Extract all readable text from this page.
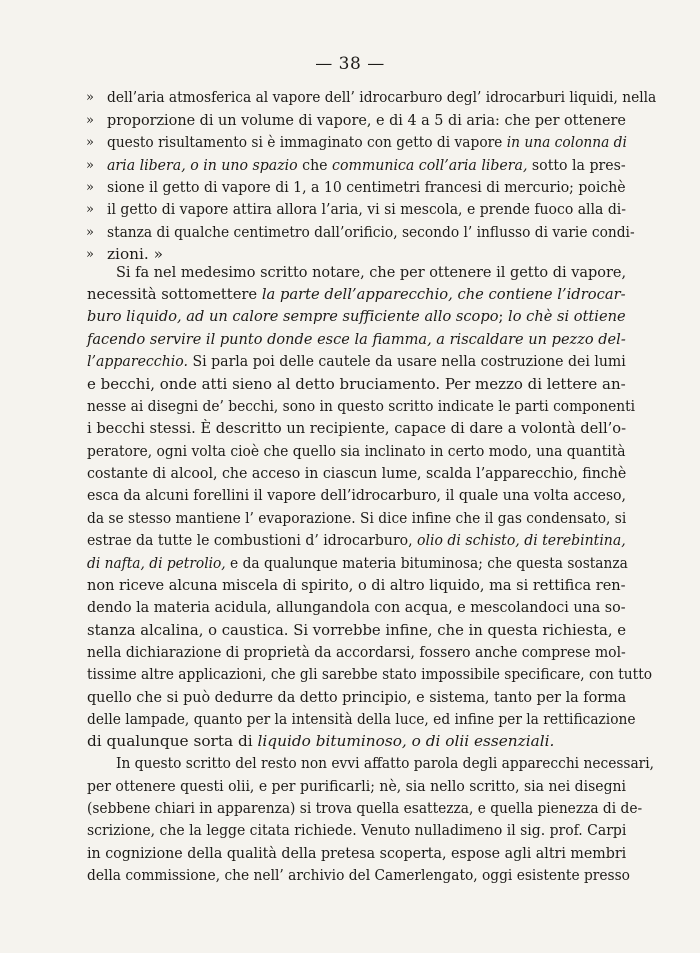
— 38 —
» dell’aria atmosferica al vapore dell’ idrocarburo degl’ idrocarburi liquidi, nella
» proporzione di un volume di vapore, e di 4 a 5 di aria: che per ottenere
» questo risultamento si è immaginato con getto di vapore in una colonna di
» aria libera, o in uno spazio che communica coll’aria libera, sotto la pres-
» sione il getto di vapore di 1, a 10 centimetri francesi di mercurio; poichè
» il getto di vapore attira allora l’aria, vi si mescola, e prende fuoco alla di-
» stanza di qualche centimetro dall’orificio, secondo l’ influsso di varie condi-
» zioni. »
Si fa nel medesimo scritto notare, che per ottenere il getto di vapore,
necessità sottomettere la parte dell’apparecchio, che contiene l’idrocar-
buro liquido, ad un calore sempre sufficiente allo scopo; lo chè si ottiene
facendo servire il punto donde esce la fiamma, a riscaldare un pezzo del-
l’apparecchio. Si parla poi delle cautele da usare nella costruzione dei lumi
e becchi, onde atti sieno al detto bruciamento. Per mezzo di lettere an-
nesse ai disegni de’ becchi, sono in questo scritto indicate le parti componenti
i becchi stessi. È descritto un recipiente, capace di dare a volontà dell’o-
peratore, ogni volta cioè che quello sia inclinato in certo modo, una quantità
costante di alcool, che acceso in ciascun lume, scalda l’apparecchio, finchè
esca da alcuni forellini il vapore dell’idrocarburo, il quale una volta acceso,
da se stesso mantiene l’ evaporazione. Si dice infine che il gas condensato, si
estrae da tutte le combustioni d’ idrocarburo, olio di schisto, di terebintina,
di nafta, di petrolio, e da qualunque materia bituminosa; che questa sostanza
non riceve alcuna miscela di spirito, o di altro liquido, ma si rettifica ren-
dendo la materia acidula, allungandola con acqua, e mescolandoci una so-
stanza alcalina, o caustica. Si vorrebbe infine, che in questa richiesta, e
nella dichiarazione di proprietà da accordarsi, fossero anche comprese mol-
tissime altre applicazioni, che gli sarebbe stato impossibile specificare, con tutto
quello che si può dedurre da detto principio, e sistema, tanto per la forma
delle lampade, quanto per la intensità della luce, ed infine per la rettificazione
di qualunque sorta di liquido bituminoso, o di olii essenziali.
In questo scritto del resto non evvi affatto parola degli apparecchi necessari,
per ottenere questi olii, e per purificarli; nè, sia nello scritto, sia nei disegni
(sebbene chiari in apparenza) si trova quella esattezza, e quella pienezza di de-
scrizione, che la legge citata richiede. Venuto nulladimeno il sig. prof. Carpi
in cognizione della qualità della pretesa scoperta, espose agli altri membri
della commissione, che nell’ archivio del Camerlengato, oggi esistente presso
